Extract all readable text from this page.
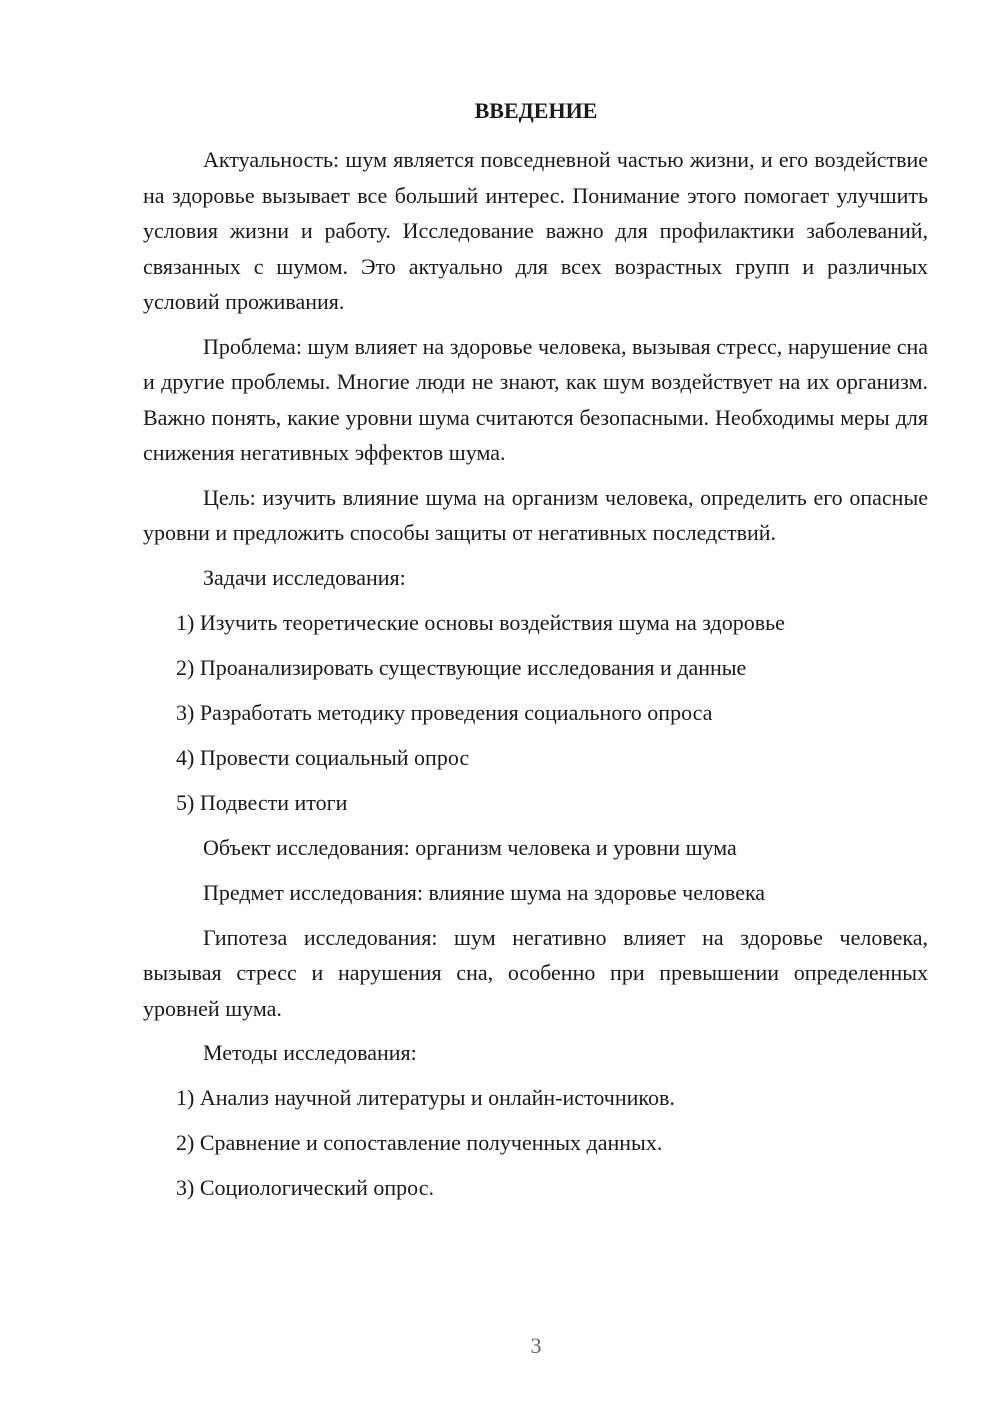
ВВЕДЕНИЕ

Актуальность: шум является повседневной частью жизни, и его воздействие на здоровье вызывает все больший интерес. Понимание этого помогает улучшить условия жизни и работу. Исследование важно для профилактики заболеваний, связанных с шумом. Это актуально для всех возрастных групп и различных условий проживания.

Проблема: шум влияет на здоровье человека, вызывая стресс, нарушение сна и другие проблемы. Многие люди не знают, как шум воздействует на их организм. Важно понять, какие уровни шума считаются безопасными. Необходимы меры для снижения негативных эффектов шума.

Цель: изучить влияние шума на организм человека, определить его опасные уровни и предложить способы защиты от негативных последствий.

Задачи исследования:

1) Изучить теоретические основы воздействия шума на здоровье

2) Проанализировать существующие исследования и данные

3) Разработать методику проведения социального опроса

4) Провести социальный опрос

5) Подвести итоги

Объект исследования: организм человека и уровни шума

Предмет исследования: влияние шума на здоровье человека

Гипотеза исследования: шум негативно влияет на здоровье человека, вызывая стресс и нарушения сна, особенно при превышении определенных уровней шума.

Методы исследования:

1) Анализ научной литературы и онлайн-источников.

2) Сравнение и сопоставление полученных данных.

3) Социологический опрос.

3
